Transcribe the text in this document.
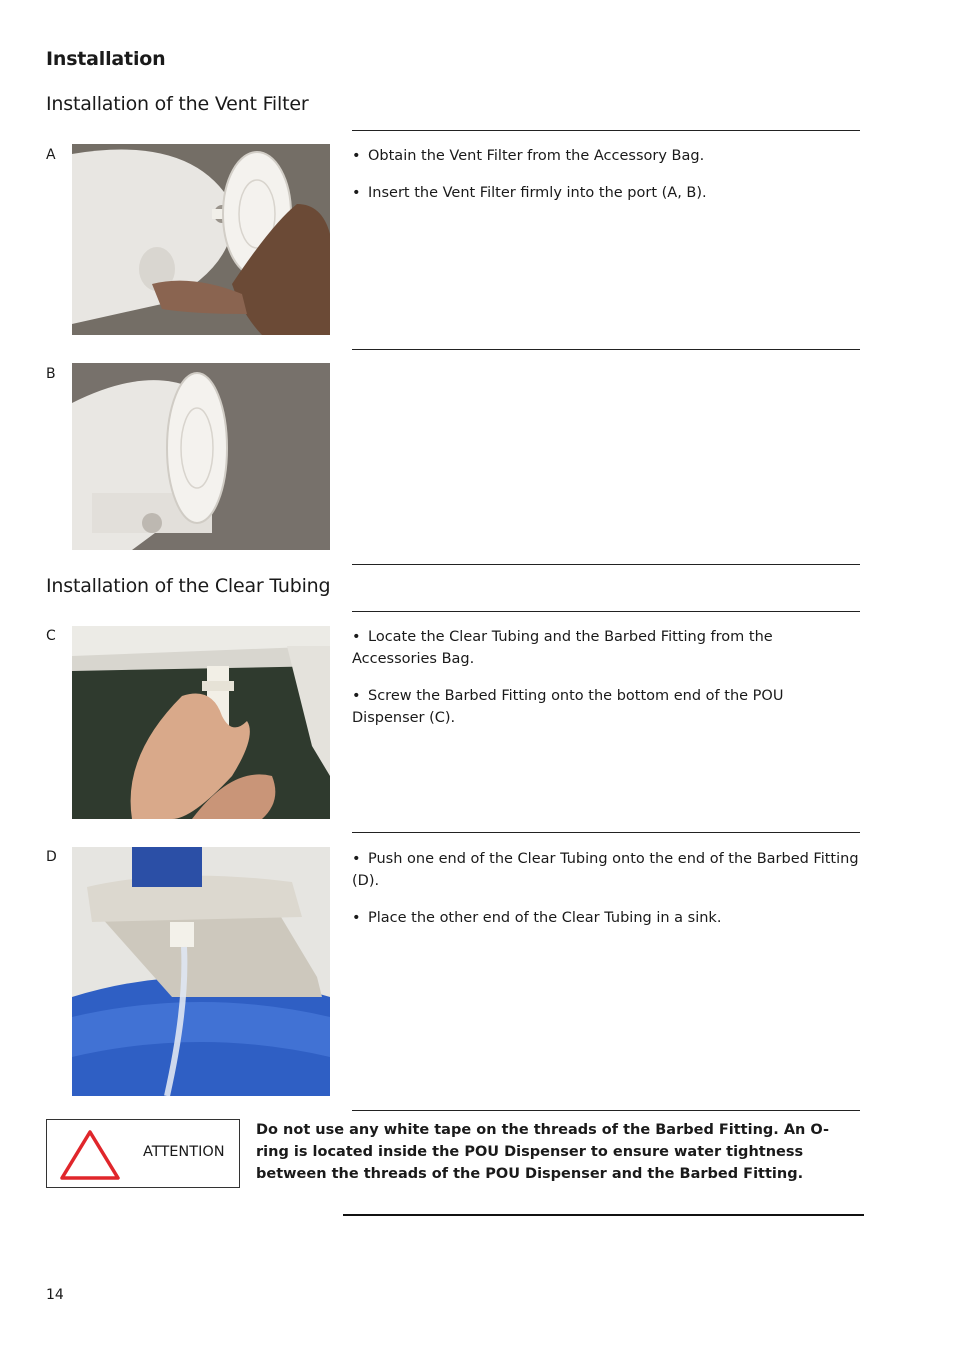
Installation
Installation of the Vent Filter
A	• Obtain the Vent Filter from the Accessory Bag.

• Insert the Vent Filter firmly into the port (A, B).

B
Installation of the Clear Tubing
C	• Locate the Clear Tubing and the Barbed Fitting from the Accessories Bag.

• Screw the Barbed Fitting onto the bottom end of the POU Dispenser (C).

D	• Push one end of the Clear Tubing onto the end of the Barbed Fitting (D).

• Place the other end of the Clear Tubing in a sink.

ATTENTION
Do not use any white tape on the threads of the Barbed Fitting. An O-ring is located inside the POU Dispenser to ensure water tightness between the threads of the POU Dispenser and the Barbed Fitting.
14
